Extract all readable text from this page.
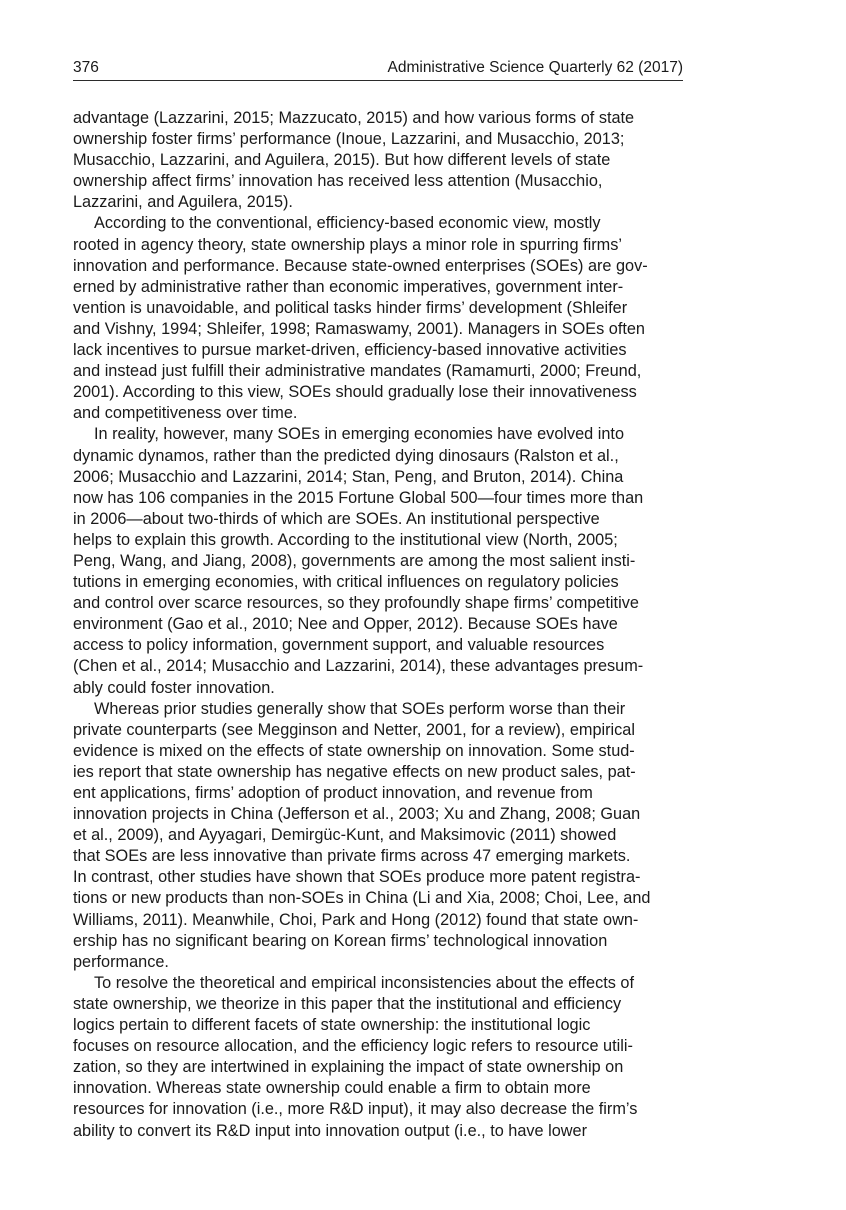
376	Administrative Science Quarterly 62 (2017)
advantage (Lazzarini, 2015; Mazzucato, 2015) and how various forms of state
ownership foster firms’ performance (Inoue, Lazzarini, and Musacchio, 2013;
Musacchio, Lazzarini, and Aguilera, 2015). But how different levels of state
ownership affect firms’ innovation has received less attention (Musacchio,
Lazzarini, and Aguilera, 2015).
According to the conventional, efficiency-based economic view, mostly
rooted in agency theory, state ownership plays a minor role in spurring firms’
innovation and performance. Because state-owned enterprises (SOEs) are gov-
erned by administrative rather than economic imperatives, government inter-
vention is unavoidable, and political tasks hinder firms’ development (Shleifer
and Vishny, 1994; Shleifer, 1998; Ramaswamy, 2001). Managers in SOEs often
lack incentives to pursue market-driven, efficiency-based innovative activities
and instead just fulfill their administrative mandates (Ramamurti, 2000; Freund,
2001). According to this view, SOEs should gradually lose their innovativeness
and competitiveness over time.
In reality, however, many SOEs in emerging economies have evolved into
dynamic dynamos, rather than the predicted dying dinosaurs (Ralston et al.,
2006; Musacchio and Lazzarini, 2014; Stan, Peng, and Bruton, 2014). China
now has 106 companies in the 2015 Fortune Global 500—four times more than
in 2006—about two-thirds of which are SOEs. An institutional perspective
helps to explain this growth. According to the institutional view (North, 2005;
Peng, Wang, and Jiang, 2008), governments are among the most salient insti-
tutions in emerging economies, with critical influences on regulatory policies
and control over scarce resources, so they profoundly shape firms’ competitive
environment (Gao et al., 2010; Nee and Opper, 2012). Because SOEs have
access to policy information, government support, and valuable resources
(Chen et al., 2014; Musacchio and Lazzarini, 2014), these advantages presum-
ably could foster innovation.
Whereas prior studies generally show that SOEs perform worse than their
private counterparts (see Megginson and Netter, 2001, for a review), empirical
evidence is mixed on the effects of state ownership on innovation. Some stud-
ies report that state ownership has negative effects on new product sales, pat-
ent applications, firms’ adoption of product innovation, and revenue from
innovation projects in China (Jefferson et al., 2003; Xu and Zhang, 2008; Guan
et al., 2009), and Ayyagari, Demirgüc-Kunt, and Maksimovic (2011) showed
that SOEs are less innovative than private firms across 47 emerging markets.
In contrast, other studies have shown that SOEs produce more patent registra-
tions or new products than non-SOEs in China (Li and Xia, 2008; Choi, Lee, and
Williams, 2011). Meanwhile, Choi, Park and Hong (2012) found that state own-
ership has no significant bearing on Korean firms’ technological innovation
performance.
To resolve the theoretical and empirical inconsistencies about the effects of
state ownership, we theorize in this paper that the institutional and efficiency
logics pertain to different facets of state ownership: the institutional logic
focuses on resource allocation, and the efficiency logic refers to resource utili-
zation, so they are intertwined in explaining the impact of state ownership on
innovation. Whereas state ownership could enable a firm to obtain more
resources for innovation (i.e., more R&D input), it may also decrease the firm’s
ability to convert its R&D input into innovation output (i.e., to have lower
